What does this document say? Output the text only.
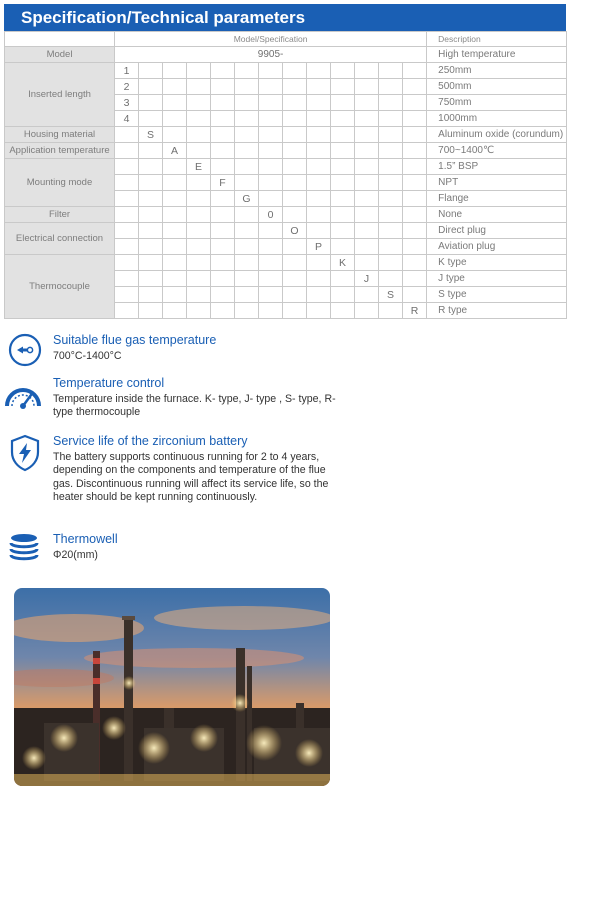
Specification/Technical parameters
	Model/Specification													Description
Model	9905-													High temperature
Inserted length	1													250mm
	2													500mm
	3													750mm
	4													1000mm
Housing material		S												Aluminum oxide (corundum)
Application temperature			A											700~1400℃
Mounting mode				E										1.5” BSP
					F									NPT
						G								Flange
Filter							0							None
Electrical connection								O						Direct plug
									P					Aviation plug
Thermocouple										K				K type
											J			J type
												S		S type
													R	R type
Suitable flue gas temperature
700°C-1400°C
Temperature control
Temperature inside the furnace. K- type, J- type , S- type, R-type thermocouple
Service life of the zirconium battery
The battery supports continuous running for 2 to 4 years, depending on the components and temperature of the flue gas. Discontinuous running will affect its service life, so the heater should be kept running continuously.
Thermowell
Φ20(mm)
